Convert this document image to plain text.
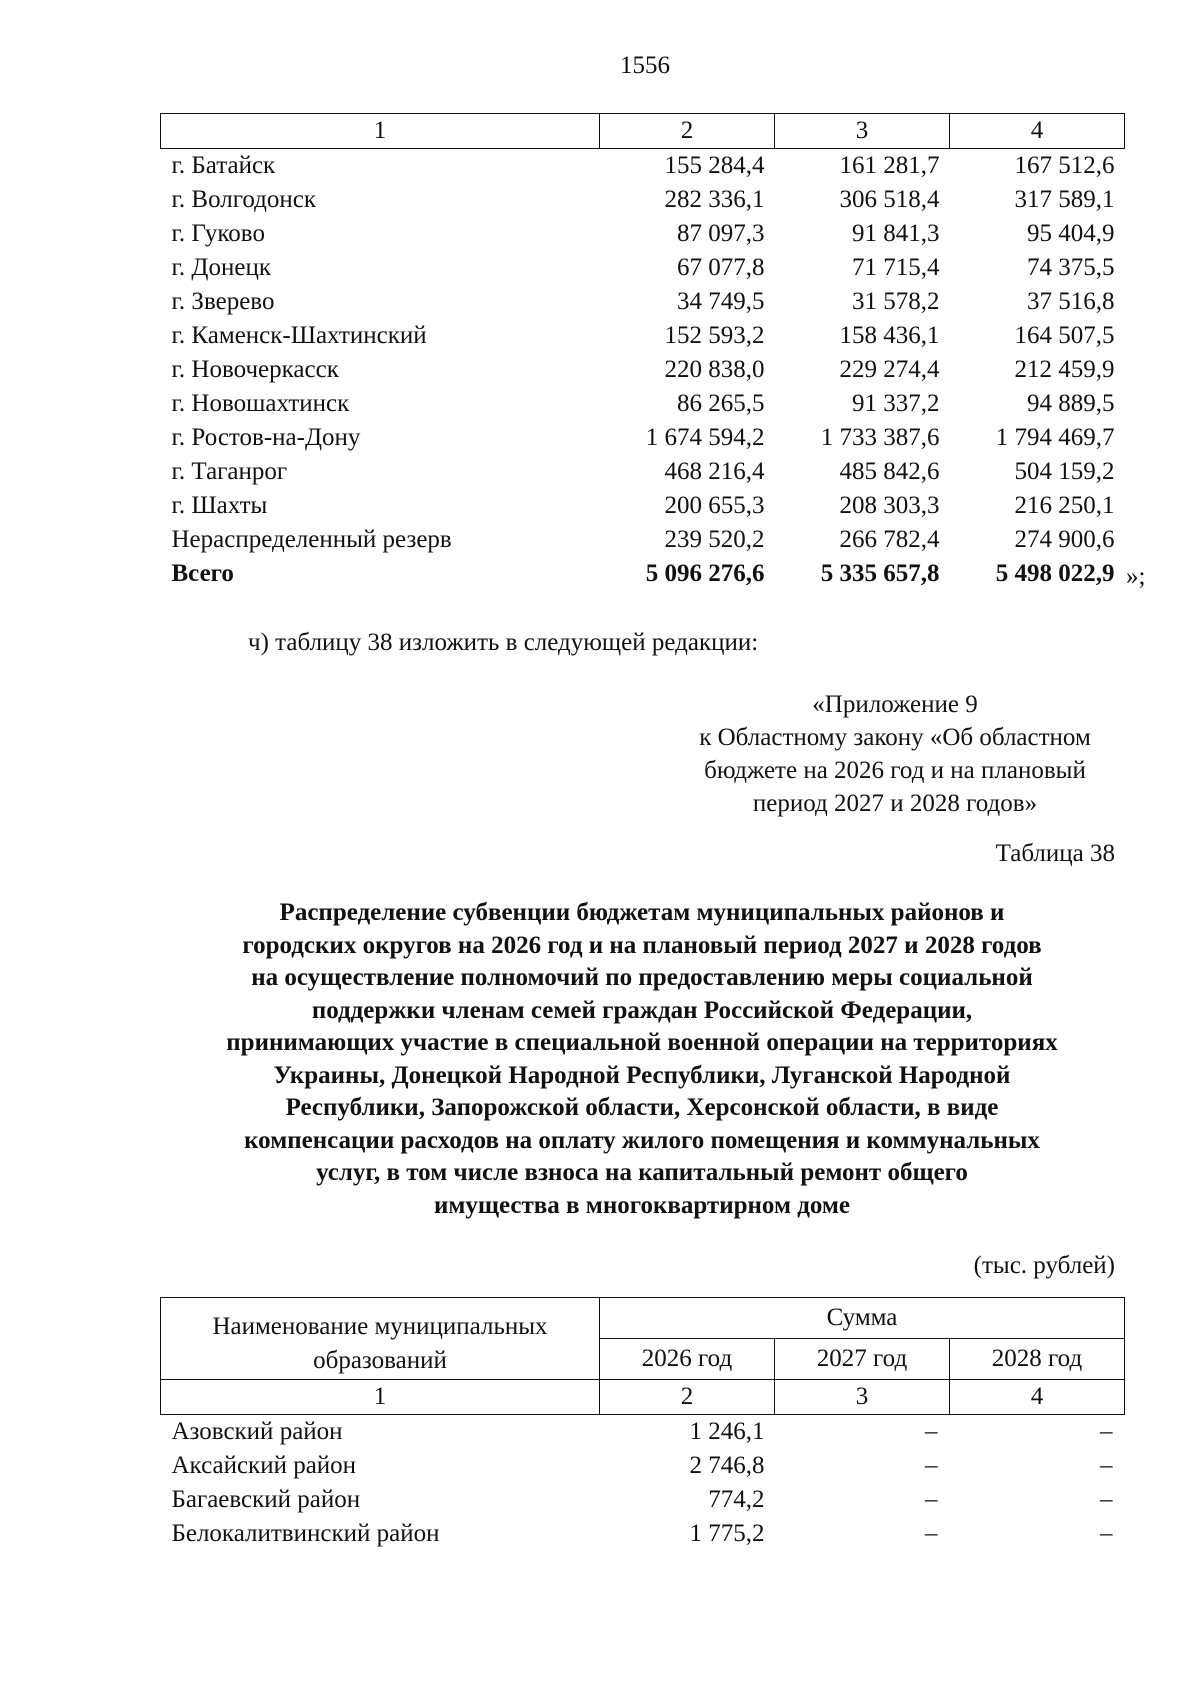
1556
1	2	3	4
г. Батайск	155 284,4	161 281,7	167 512,6
г. Волгодонск	282 336,1	306 518,4	317 589,1
г. Гуково	87 097,3	91 841,3	95 404,9
г. Донецк	67 077,8	71 715,4	74 375,5
г. Зверево	34 749,5	31 578,2	37 516,8
г. Каменск-Шахтинский	152 593,2	158 436,1	164 507,5
г. Новочеркасск	220 838,0	229 274,4	212 459,9
г. Новошахтинск	86 265,5	91 337,2	94 889,5
г. Ростов-на-Дону	1 674 594,2	1 733 387,6	1 794 469,7
г. Таганрог	468 216,4	485 842,6	504 159,2
г. Шахты	200 655,3	208 303,3	216 250,1
Нераспределенный резерв	239 520,2	266 782,4	274 900,6
Всего	5 096 276,6	5 335 657,8	5 498 022,9 »;
ч) таблицу 38 изложить в следующей редакции:
«Приложение 9
к Областному закону «Об областном
бюджете на 2026 год и на плановый
период 2027 и 2028 годов»
Таблица 38
Распределение субвенции бюджетам муниципальных районов и
городских округов на 2026 год и на плановый период 2027 и 2028 годов
на осуществление полномочий по предоставлению меры социальной
поддержки членам семей граждан Российской Федерации,
принимающих участие в специальной военной операции на территориях
Украины, Донецкой Народной Республики, Луганской Народной
Республики, Запорожской области, Херсонской области, в виде
компенсации расходов на оплату жилого помещения и коммунальных
услуг, в том числе взноса на капитальный ремонт общего
имущества в многоквартирном доме
(тыс. рублей)
Наименование муниципальных образований	Сумма		
	2026 год	2027 год	2028 год
1	2	3	4
Азовский район	1 246,1	–	–
Аксайский район	2 746,8	–	–
Багаевский район	774,2	–	–
Белокалитвинский район	1 775,2	–	–
